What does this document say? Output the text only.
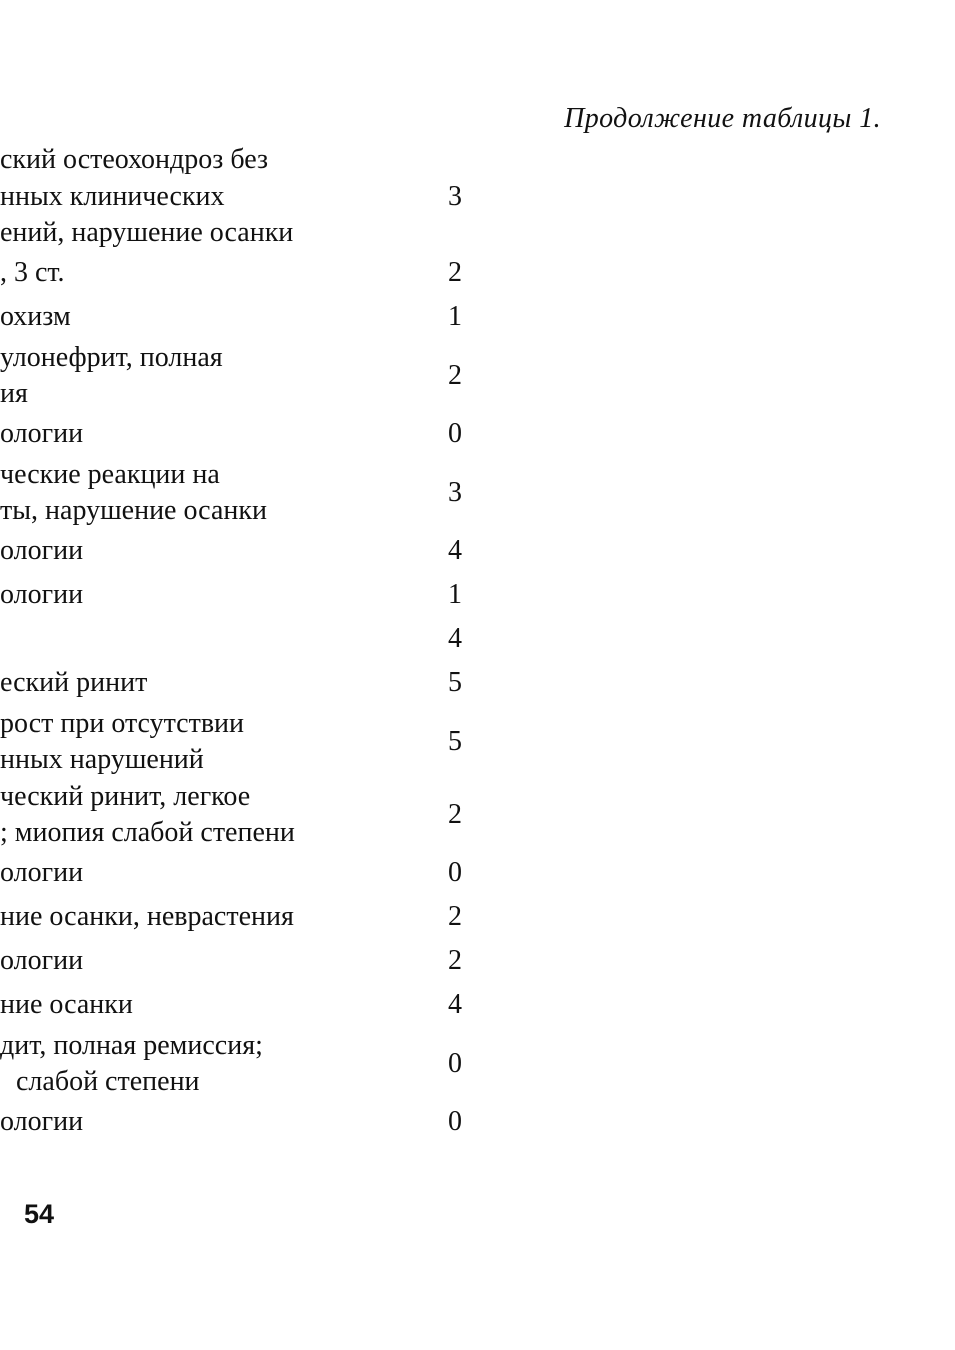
Продолжение таблицы 1.
ский остеохондроз без
нных клинических
ений, нарушение осанки
3
, 3 ст.	2
охизм	1
улонефрит, полная
ия
2
ологии	0
ческие реакции на
ты, нарушение осанки
3
ологии	4
ологии	1
4
еский ринит	5
рост при отсутствии
нных нарушений
5
ческий ринит, легкое
; миопия слабой степени
2
ологии	0
ние осанки, неврастения	2
ологии	2
ние осанки	4
дит, полная ремиссия;
слабой степени
0
ологии	0
54
